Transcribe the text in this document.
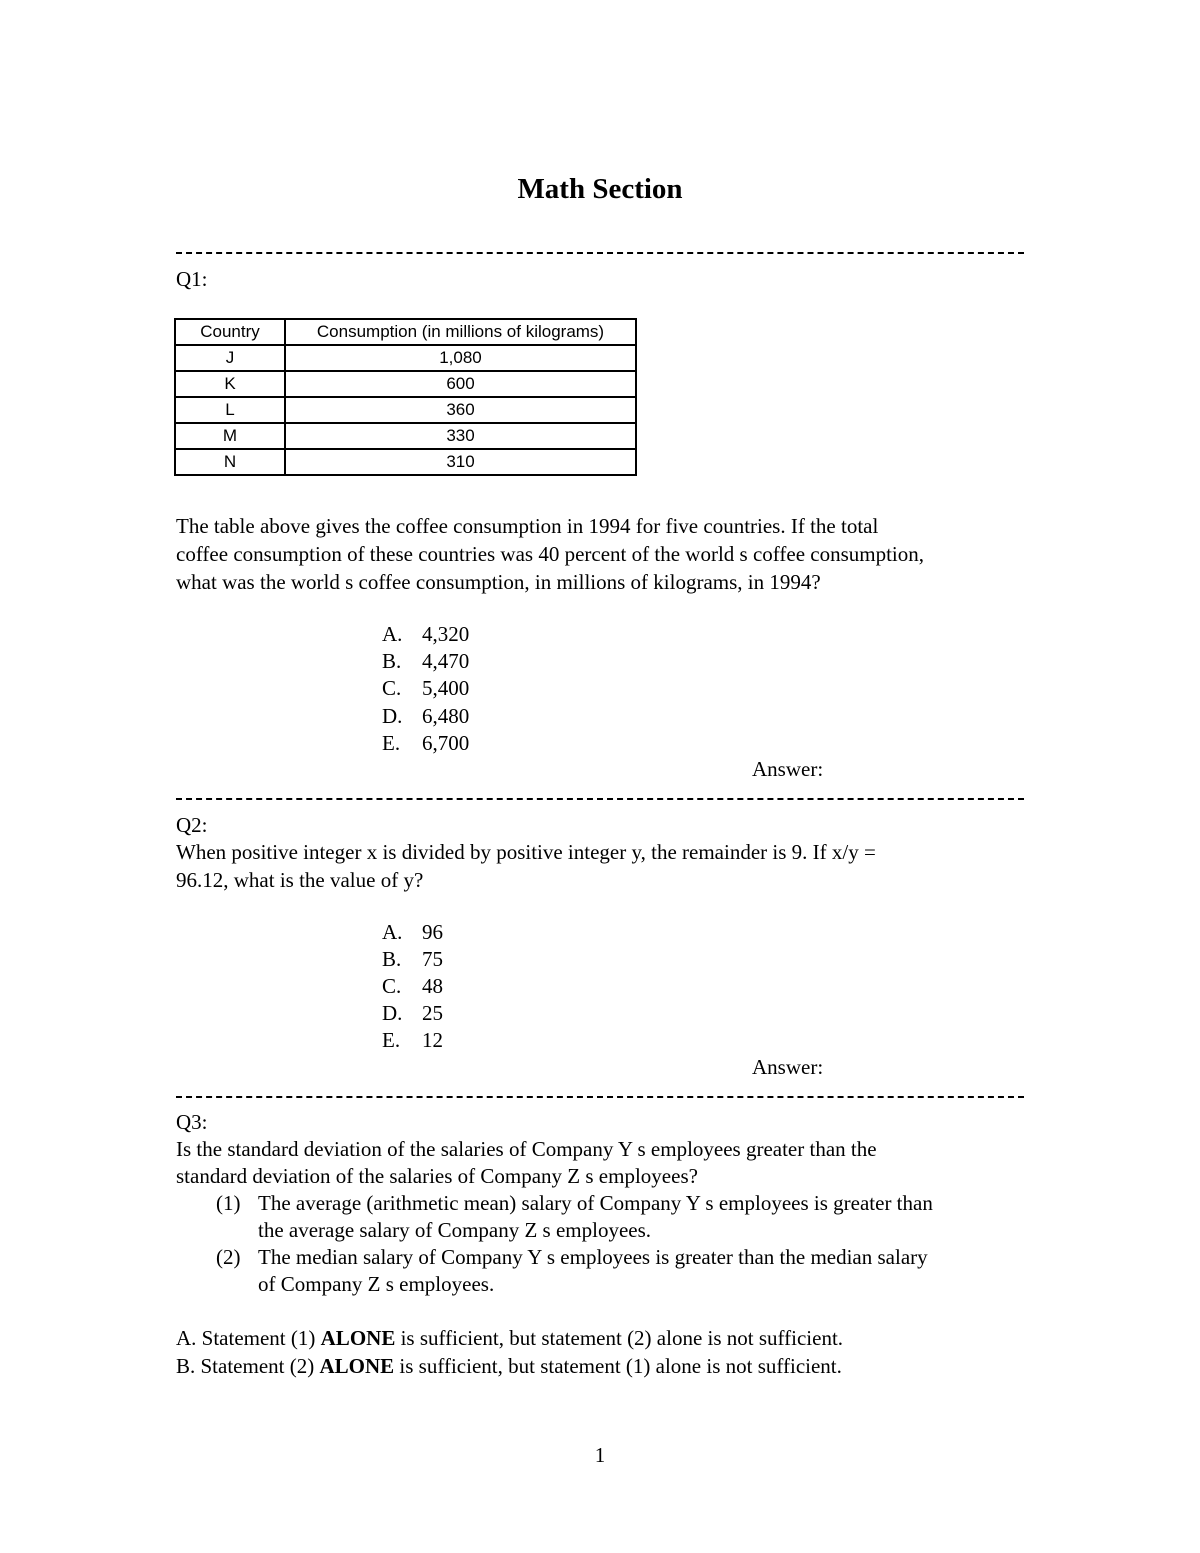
Math Section
Q1:
Country	Consumption (in millions of kilograms)
J	1,080
K	600
L	360
M	330
N	310
The table above gives the coffee consumption in 1994 for five countries. If the total
coffee consumption of these countries was 40 percent of the world s coffee consumption,
what was the world s coffee consumption, in millions of kilograms, in 1994?
A. 4,320
B. 4,470
C. 5,400
D. 6,480
E. 6,700
Answer:
Q2:
When positive integer x is divided by positive integer y, the remainder is 9. If x/y =
96.12, what is the value of y?
A. 96
B. 75
C. 48
D. 25
E. 12
Answer:
Q3:
Is the standard deviation of the salaries of Company Y s employees greater than the
standard deviation of the salaries of Company Z s employees?
(1) The average (arithmetic mean) salary of Company Y s employees is greater than
the average salary of Company Z s employees.
(2) The median salary of Company Y s employees is greater than the median salary
of Company Z s employees.
A. Statement (1) ALONE is sufficient, but statement (2) alone is not sufficient.
B. Statement (2) ALONE is sufficient, but statement (1) alone is not sufficient.
1
